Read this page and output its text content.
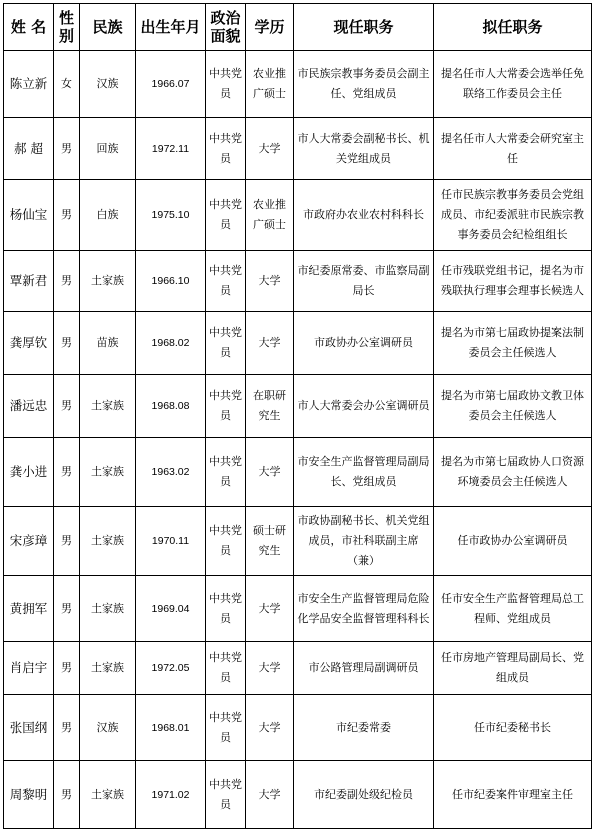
姓 名	性别	民族	出生年月	政治面貌	学历	现任职务	拟任职务
陈立新	女	汉族	1966.07	中共党员	农业推广硕士	市民族宗教事务委员会副主任、党组成员	提名任市人大常委会选举任免联络工作委员会主任
郝 超	男	回族	1972.11	中共党员	大学	市人大常委会副秘书长、机关党组成员	提名任市人大常委会研究室主任
杨仙宝	男	白族	1975.10	中共党员	农业推广硕士	市政府办农业农村科科长	任市民族宗教事务委员会党组成员、市纪委派驻市民族宗教事务委员会纪检组组长
覃新君	男	土家族	1966.10	中共党员	大学	市纪委原常委、市监察局副局长	任市残联党组书记，提名为市残联执行理事会理事长候选人
龚厚钦	男	苗族	1968.02	中共党员	大学	市政协办公室调研员	提名为市第七届政协提案法制委员会主任候选人
潘远忠	男	土家族	1968.08	中共党员	在职研究生	市人大常委会办公室调研员	提名为市第七届政协文教卫体委员会主任候选人
龚小进	男	土家族	1963.02	中共党员	大学	市安全生产监督管理局副局长、党组成员	提名为市第七届政协人口资源环境委员会主任候选人
宋彦璋	男	土家族	1970.11	中共党员	硕士研究生	市政协副秘书长、机关党组成员，市社科联副主席（兼）	任市政协办公室调研员
黄拥军	男	土家族	1969.04	中共党员	大学	市安全生产监督管理局危险化学品安全监督管理科科长	任市安全生产监督管理局总工程师、党组成员
肖启宇	男	土家族	1972.05	中共党员	大学	市公路管理局副调研员	任市房地产管理局副局长、党组成员
张国纲	男	汉族	1968.01	中共党员	大学	市纪委常委	任市纪委秘书长
周黎明	男	土家族	1971.02	中共党员	大学	市纪委副处级纪检员	任市纪委案件审理室主任
